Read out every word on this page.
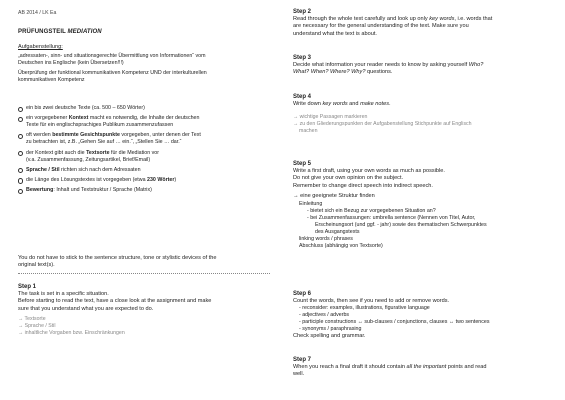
AB 2014 / LK Ea
PRÜFUNGSTEIL MEDIATION

Aufgabenstellung:

„adressaten-, sinn- und situationsgerechte Übermittlung von Informationen“ vom

Deutschen ins Englische (kein Übersetzen!!!)

Überprüfung der funktional kommunikativen Kompetenz UND der interkulturellen

kommunikativen Kompetenz

ein bis zwei deutsche Texte (ca. 500 – 650 Wörter)
ein vorgegebener Kontext macht es notwendig, die Inhalte der deutschen
Texte für ein englischsprachiges Publikum zusammenzufassen
oft werden bestimmte Gesichtspunkte vorgegeben, unter denen der Text
zu betrachten ist, z.B. „Gehen Sie auf … ein.“, „Stellen Sie … dar.“
der Kontext gibt auch die Textsorte für die Mediation vor
(v.a. Zusammenfassung, Zeitungsartikel, Brief/Email)
Sprache / Stil richten sich nach dem Adressaten
die Länge des Lösungstextes ist vorgegeben (etwa 230 Wörter)
Bewertung: Inhalt und Textstruktur / Sprache (Matrix)

You do not have to stick to the sentence structure, tone or stylistic devices of the

original text(s).

Step 1

The task is set in a specific situation.

Before starting to read the text, have a close look at the assignment and make

sure that you understand what you are expected to do.

→ Textsorte

→ Sprache / Stil

→ inhaltliche Vorgaben bzw. Einschränkungen

Step 2

Read through the whole text carefully and look up only key words, i.e. words that

are necessary for the general understanding of the text. Make sure you

understand what the text is about.

Step 3

Decide what information your reader needs to know by asking yourself Who?

What? When? Where? Why? questions.

Step 4

Write down key words and make notes.

→ wichtige Passagen markieren

→ zu den Gliederungspunkten der Aufgabenstellung Stichpunkte auf Englisch

machen

Step 5

Write a first draft, using your own words as much as possible.

Do not give your own opinion on the subject.

Remember to change direct speech into indirect speech.

→ eine geeignete Struktur finden

Einleitung

- bietet sich ein Bezug zur vorgegebenen Situation an?

- bei Zusammenfassungen: umbrella sentence (Nennen von Titel, Autor,

Erscheinungsort (und ggf. - jahr) sowie des thematischen Schwerpunktes

des Ausgangstexts

linking words / phrases

Abschluss (abhängig von Textsorte)

Step 6

Count the words, then see if you need to add or remove words.

- reconsider: examples, illustrations, figurative language

- adjectives / adverbs

- participle constructions ↔ sub-clauses / conjunctions, clauses ↔ two sentences

- synonyms / paraphrasing

Check spelling and grammar.

Step 7

When you reach a final draft it should contain all the important points and read

well.
